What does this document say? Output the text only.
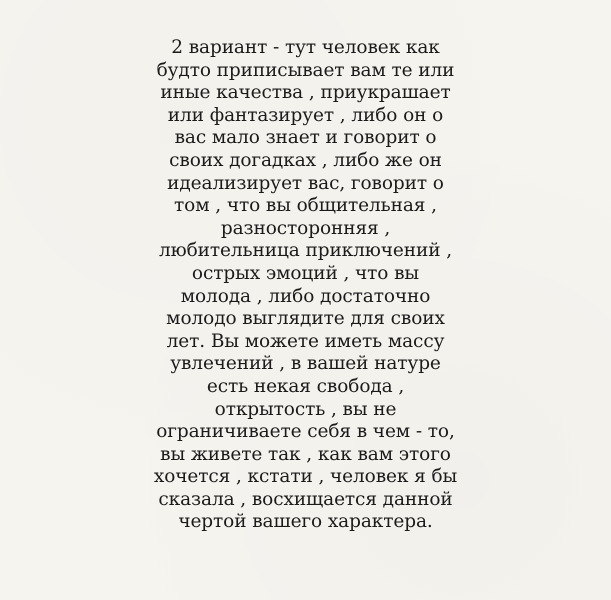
2 вариант - тут человек как
будто приписывает вам те или
иные качества , приукрашает
или фантазирует , либо он о
вас мало знает и говорит о
своих догадках , либо же он
идеализирует вас, говорит о
том , что вы общительная ,
разносторонняя ,
любительница приключений ,
острых эмоций , что вы
молода , либо достаточно
молодо выглядите для своих
лет. Вы можете иметь массу
увлечений , в вашей натуре
есть некая свобода ,
открытость , вы не
ограничиваете себя в чем - то,
вы живете так , как вам этого
хочется , кстати , человек я бы
сказала , восхищается данной
чертой вашего характера.
